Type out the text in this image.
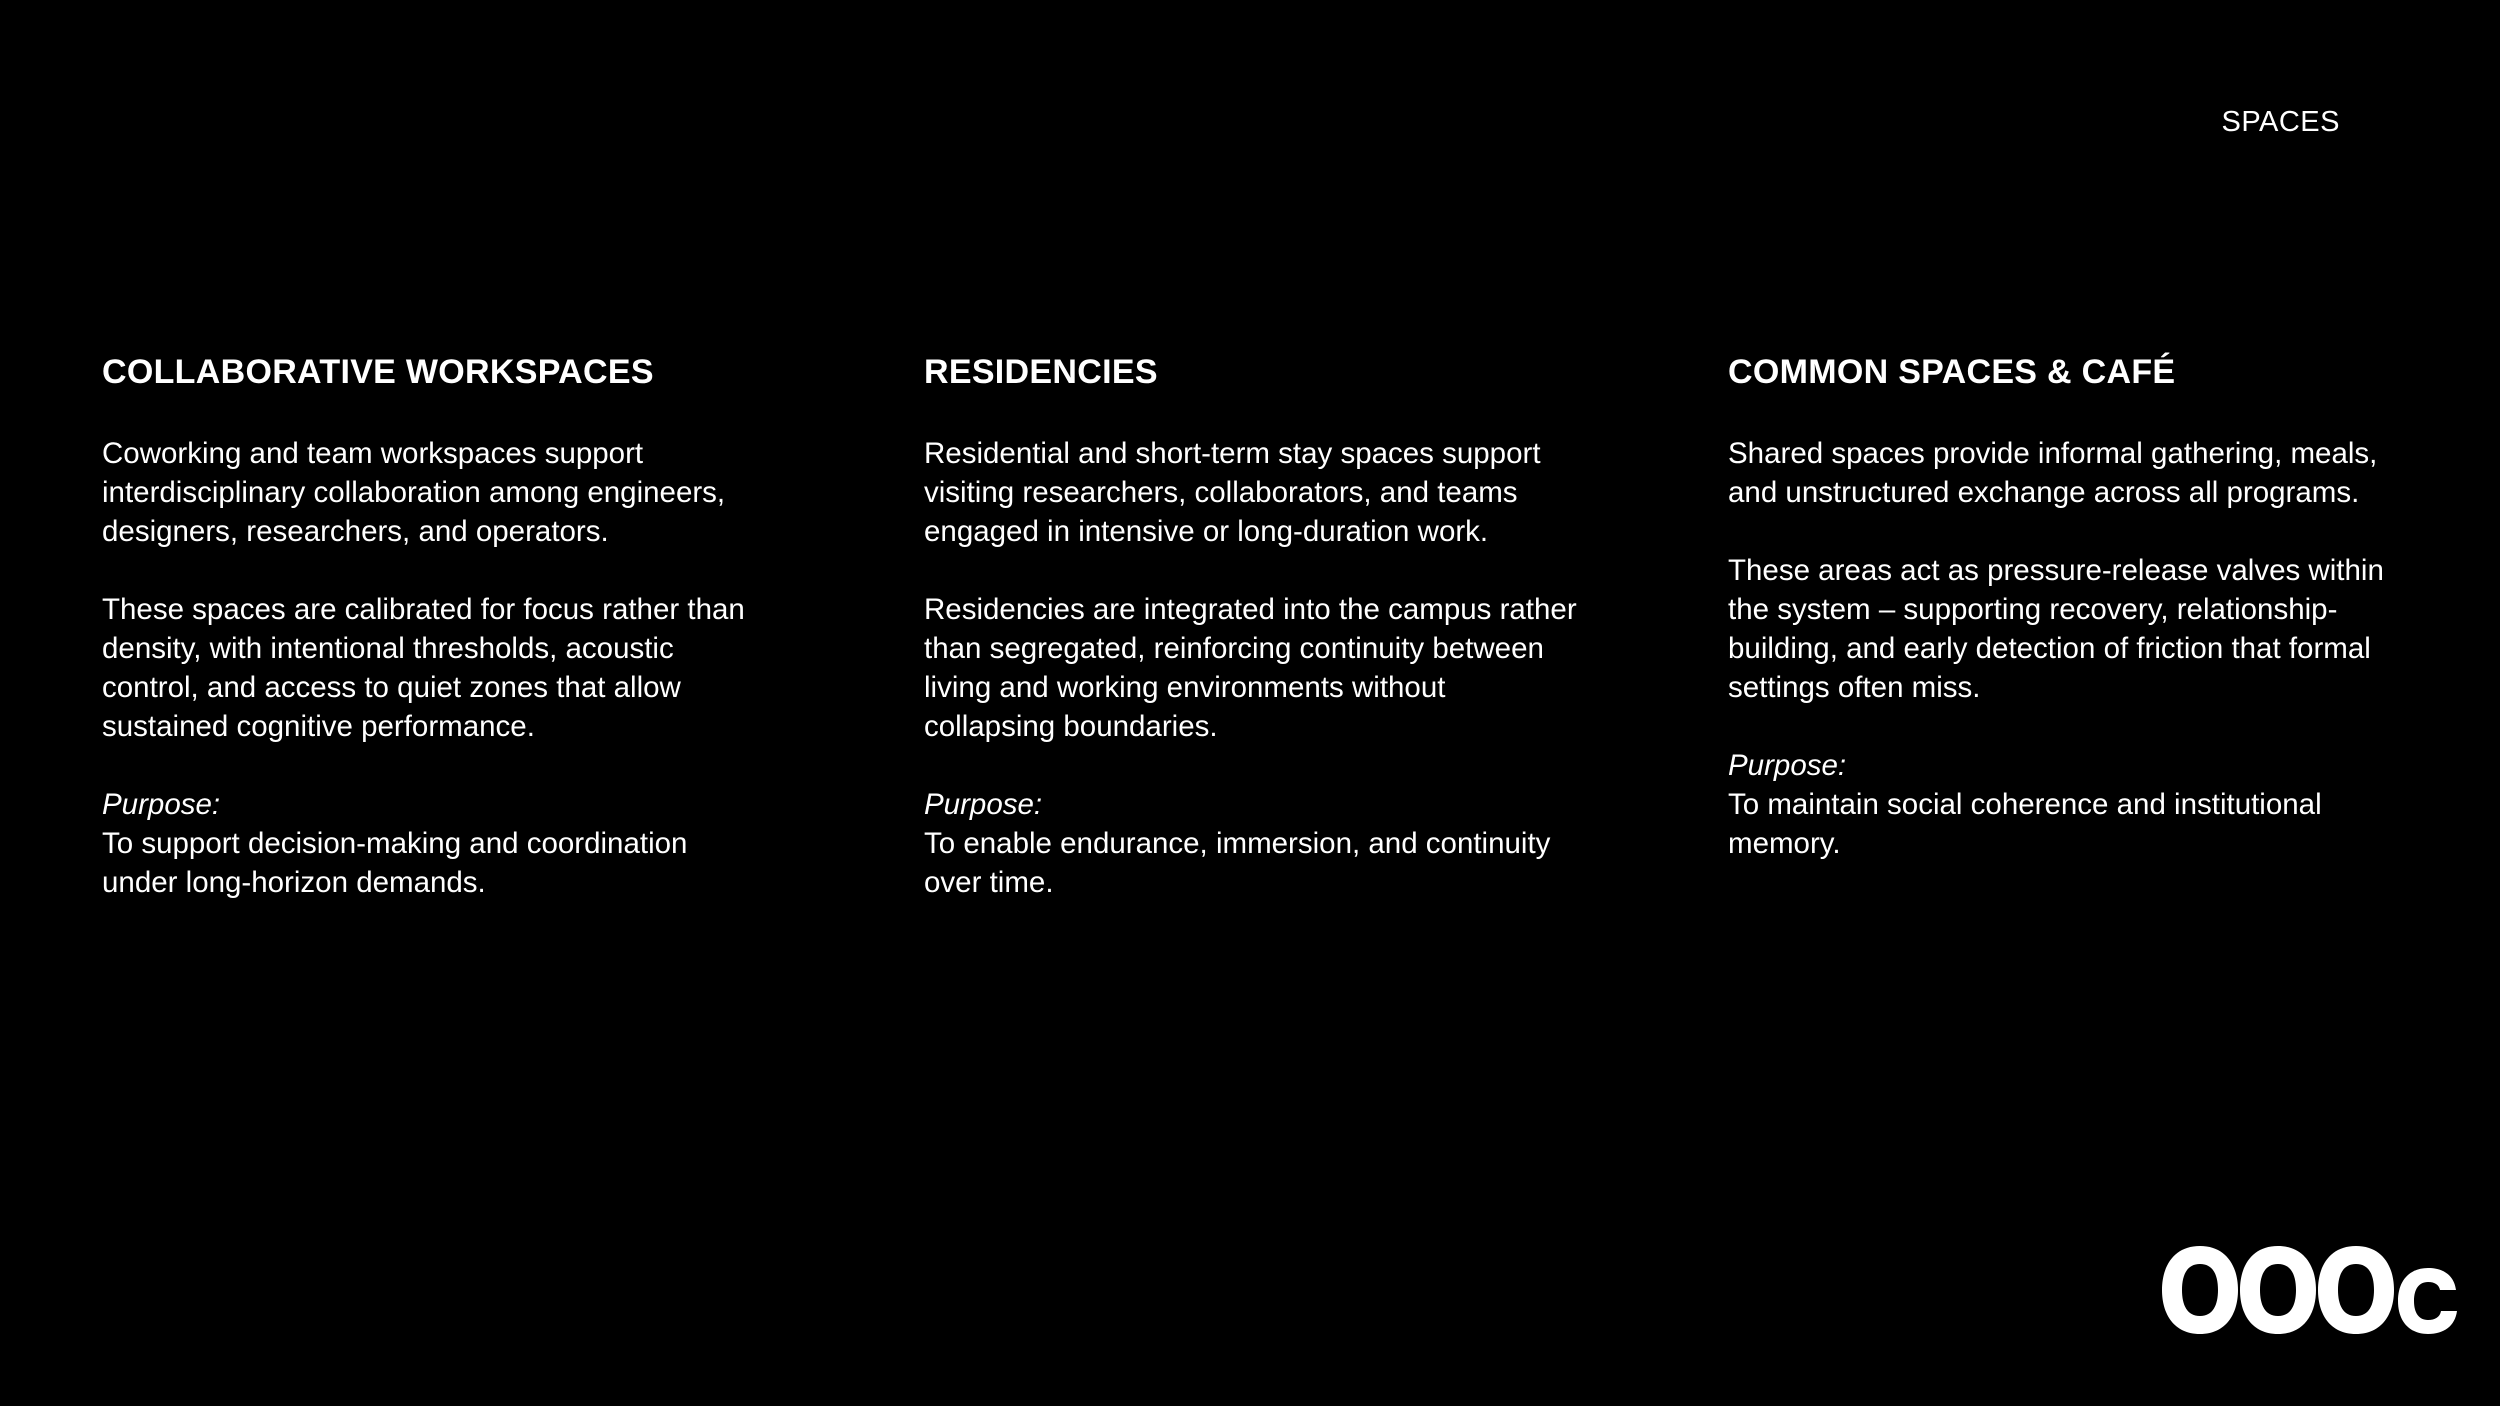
SPACES
COLLABORATIVE WORKSPACES

Coworking and team workspaces support
interdisciplinary collaboration among engineers,
designers, researchers, and operators.

These spaces are calibrated for focus rather than
density, with intentional thresholds, acoustic
control, and access to quiet zones that allow
sustained cognitive performance.

Purpose:
To support decision-making and coordination
under long-horizon demands.
RESIDENCIES

Residential and short-term stay spaces support
visiting researchers, collaborators, and teams
engaged in intensive or long-duration work.

Residencies are integrated into the campus rather
than segregated, reinforcing continuity between
living and working environments without
collapsing boundaries.

Purpose:
To enable endurance, immersion, and continuity
over time.
COMMON SPACES & CAFÉ

Shared spaces provide informal gathering, meals,
and unstructured exchange across all programs.

These areas act as pressure-release valves within
the system – supporting recovery, relationship-
building, and early detection of friction that formal
settings often miss.

Purpose:
To maintain social coherence and institutional
memory.
